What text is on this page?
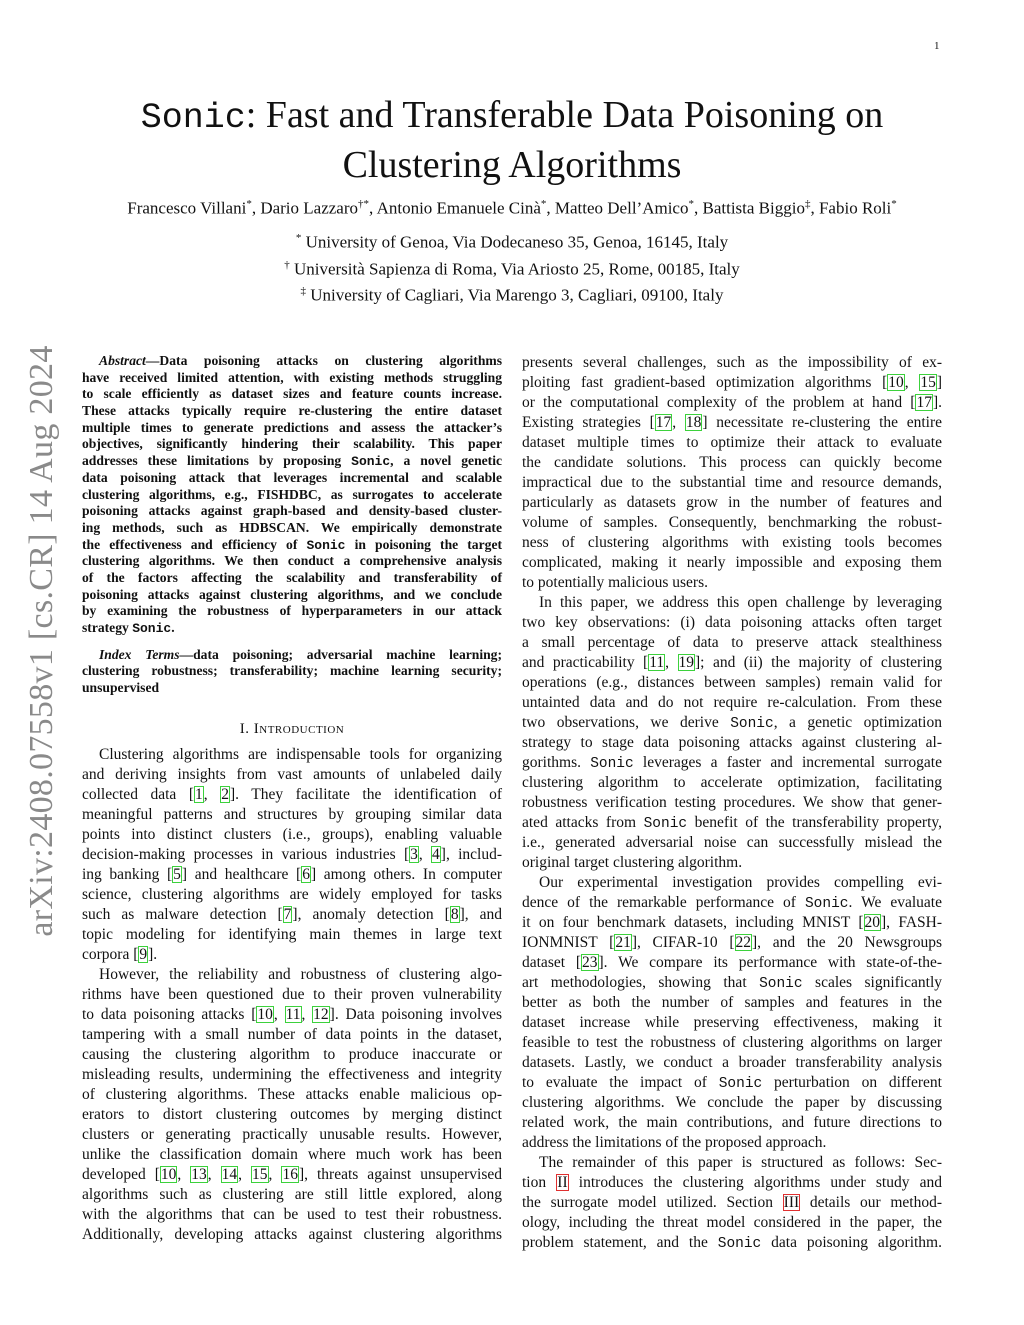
1
Sonic: Fast and Transferable Data Poisoning on
Clustering Algorithms
Francesco Villani*, Dario Lazzaro†*, Antonio Emanuele Cinà*, Matteo Dell’Amico*, Battista Biggio‡, Fabio Roli*
* University of Genoa, Via Dodecaneso 35, Genoa, 16145, Italy
† Università Sapienza di Roma, Via Ariosto 25, Rome, 00185, Italy
‡ University of Cagliari, Via Marengo 3, Cagliari, 09100, Italy
arXiv:2408.07558v1 [cs.CR] 14 Aug 2024	Abstract—Data poisoning attacks on clustering algorithms
have received limited attention, with existing methods struggling
to scale efficiently as dataset sizes and feature counts increase.
These attacks typically require re-clustering the entire dataset
multiple times to generate predictions and assess the attacker’s
objectives, significantly hindering their scalability. This paper
addresses these limitations by proposing Sonic, a novel genetic
data poisoning attack that leverages incremental and scalable
clustering algorithms, e.g., FISHDBC, as surrogates to accelerate
poisoning attacks against graph-based and density-based cluster-
ing methods, such as HDBSCAN. We empirically demonstrate
the effectiveness and efficiency of Sonic in poisoning the target
clustering algorithms. We then conduct a comprehensive analysis
of the factors affecting the scalability and transferability of
poisoning attacks against clustering algorithms, and we conclude
by examining the robustness of hyperparameters in our attack
strategy Sonic.
Index Terms—data poisoning; adversarial machine learning;
clustering robustness; transferability; machine learning security;
unsupervised
I. Introduction
Clustering algorithms are indispensable tools for organizing
and deriving insights from vast amounts of unlabeled daily
collected data [1, 2]. They facilitate the identification of
meaningful patterns and structures by grouping similar data
points into distinct clusters (i.e., groups), enabling valuable
decision-making processes in various industries [3, 4], includ-
ing banking [5] and healthcare [6] among others. In computer
science, clustering algorithms are widely employed for tasks
such as malware detection [7], anomaly detection [8], and
topic modeling for identifying main themes in large text
corpora [9].
However, the reliability and robustness of clustering algo-
rithms have been questioned due to their proven vulnerability
to data poisoning attacks [10, 11, 12]. Data poisoning involves
tampering with a small number of data points in the dataset,
causing the clustering algorithm to produce inaccurate or
misleading results, undermining the effectiveness and integrity
of clustering algorithms. These attacks enable malicious op-
erators to distort clustering outcomes by merging distinct
clusters or generating practically unusable results. However,
unlike the classification domain where much work has been
developed [10, 13, 14, 15, 16], threats against unsupervised
algorithms such as clustering are still little explored, along
with the algorithms that can be used to test their robustness.
Additionally, developing attacks against clustering algorithms
presents several challenges, such as the impossibility of ex-
ploiting fast gradient-based optimization algorithms [10, 15]
or the computational complexity of the problem at hand [17].
Existing strategies [17, 18] necessitate re-clustering the entire
dataset multiple times to optimize their attack to evaluate
the candidate solutions. This process can quickly become
impractical due to the substantial time and resource demands,
particularly as datasets grow in the number of features and
volume of samples. Consequently, benchmarking the robust-
ness of clustering algorithms with existing tools becomes
complicated, making it nearly impossible and exposing them
to potentially malicious users.
In this paper, we address this open challenge by leveraging
two key observations: (i) data poisoning attacks often target
a small percentage of data to preserve attack stealthiness
and practicability [11, 19]; and (ii) the majority of clustering
operations (e.g., distances between samples) remain valid for
untainted data and do not require re-calculation. From these
two observations, we derive Sonic, a genetic optimization
strategy to stage data poisoning attacks against clustering al-
gorithms. Sonic leverages a faster and incremental surrogate
clustering algorithm to accelerate optimization, facilitating
robustness verification testing procedures. We show that gener-
ated attacks from Sonic benefit of the transferability property,
i.e., generated adversarial noise can successfully mislead the
original target clustering algorithm.
Our experimental investigation provides compelling evi-
dence of the remarkable performance of Sonic. We evaluate
it on four benchmark datasets, including MNIST [20], FASH-
IONMNIST [21], CIFAR-10 [22], and the 20 Newsgroups
dataset [23]. We compare its performance with state-of-the-
art methodologies, showing that Sonic scales significantly
better as both the number of samples and features in the
dataset increase while preserving effectiveness, making it
feasible to test the robustness of clustering algorithms on larger
datasets. Lastly, we conduct a broader transferability analysis
to evaluate the impact of Sonic perturbation on different
clustering algorithms. We conclude the paper by discussing
related work, the main contributions, and future directions to
address the limitations of the proposed approach.
The remainder of this paper is structured as follows: Sec-
tion II introduces the clustering algorithms under study and
the surrogate model utilized. Section III details our method-
ology, including the threat model considered in the paper, the
problem statement, and the Sonic data poisoning algorithm.
